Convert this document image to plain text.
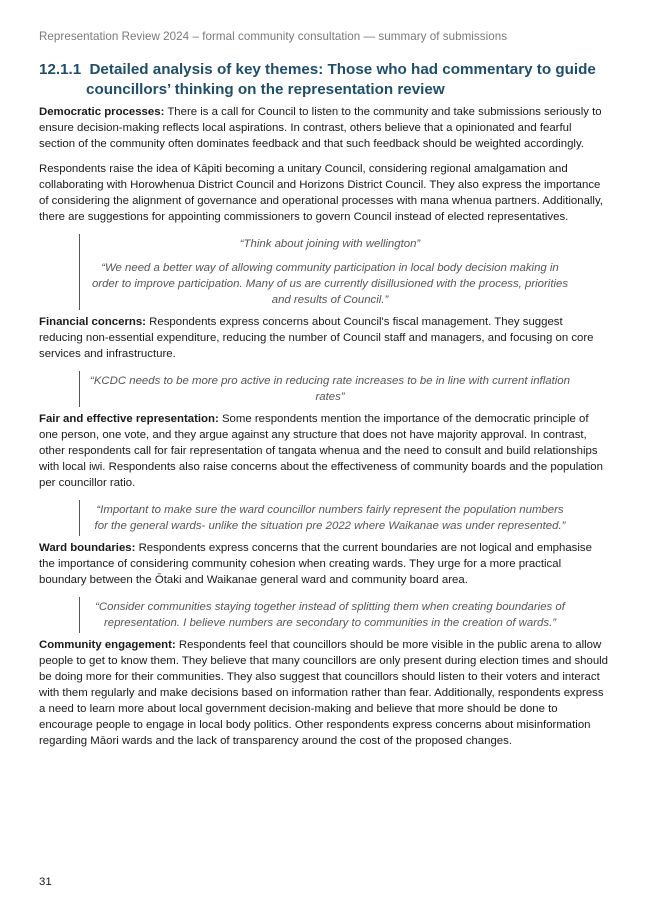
Representation Review 2024 – formal community consultation — summary of submissions
12.1.1 Detailed analysis of key themes: Those who had commentary to guide
councillors’ thinking on the representation review

Democratic processes: There is a call for Council to listen to the community and take submissions seriously to ensure decision-making reflects local aspirations. In contrast, others believe that a opinionated and fearful section of the community often dominates feedback and that such feedback should be weighted accordingly.

Respondents raise the idea of Kāpiti becoming a unitary Council, considering regional amalgamation and collaborating with Horowhenua District Council and Horizons District Council. They also express the importance of considering the alignment of governance and operational processes with mana whenua partners. Additionally, there are suggestions for appointing commissioners to govern Council instead of elected representatives.

“Think about joining with wellington”

“We need a better way of allowing community participation in local body decision making in order to improve participation. Many of us are currently disillusioned with the process, priorities and results of Council.”

Financial concerns: Respondents express concerns about Council's fiscal management. They suggest reducing non-essential expenditure, reducing the number of Council staff and managers, and focusing on core services and infrastructure.

“KCDC needs to be more pro active in reducing rate increases to be in line with current inflation rates”

Fair and effective representation: Some respondents mention the importance of the democratic principle of one person, one vote, and they argue against any structure that does not have majority approval. In contrast, other respondents call for fair representation of tangata whenua and the need to consult and build relationships with local iwi. Respondents also raise concerns about the effectiveness of community boards and the population per councillor ratio.

“Important to make sure the ward councillor numbers fairly represent the population numbers for the general wards- unlike the situation pre 2022 where Waikanae was under represented.”

Ward boundaries: Respondents express concerns that the current boundaries are not logical and emphasise the importance of considering community cohesion when creating wards. They urge for a more practical boundary between the Ōtaki and Waikanae general ward and community board area.

“Consider communities staying together instead of splitting them when creating boundaries of representation. I believe numbers are secondary to communities in the creation of wards.”

Community engagement: Respondents feel that councillors should be more visible in the public arena to allow people to get to know them. They believe that many councillors are only present during election times and should be doing more for their communities. They also suggest that councillors should listen to their voters and interact with them regularly and make decisions based on information rather than fear. Additionally, respondents express a need to learn more about local government decision-making and believe that more should be done to encourage people to engage in local body politics. Other respondents express concerns about misinformation regarding Māori wards and the lack of transparency around the cost of the proposed changes.

31
